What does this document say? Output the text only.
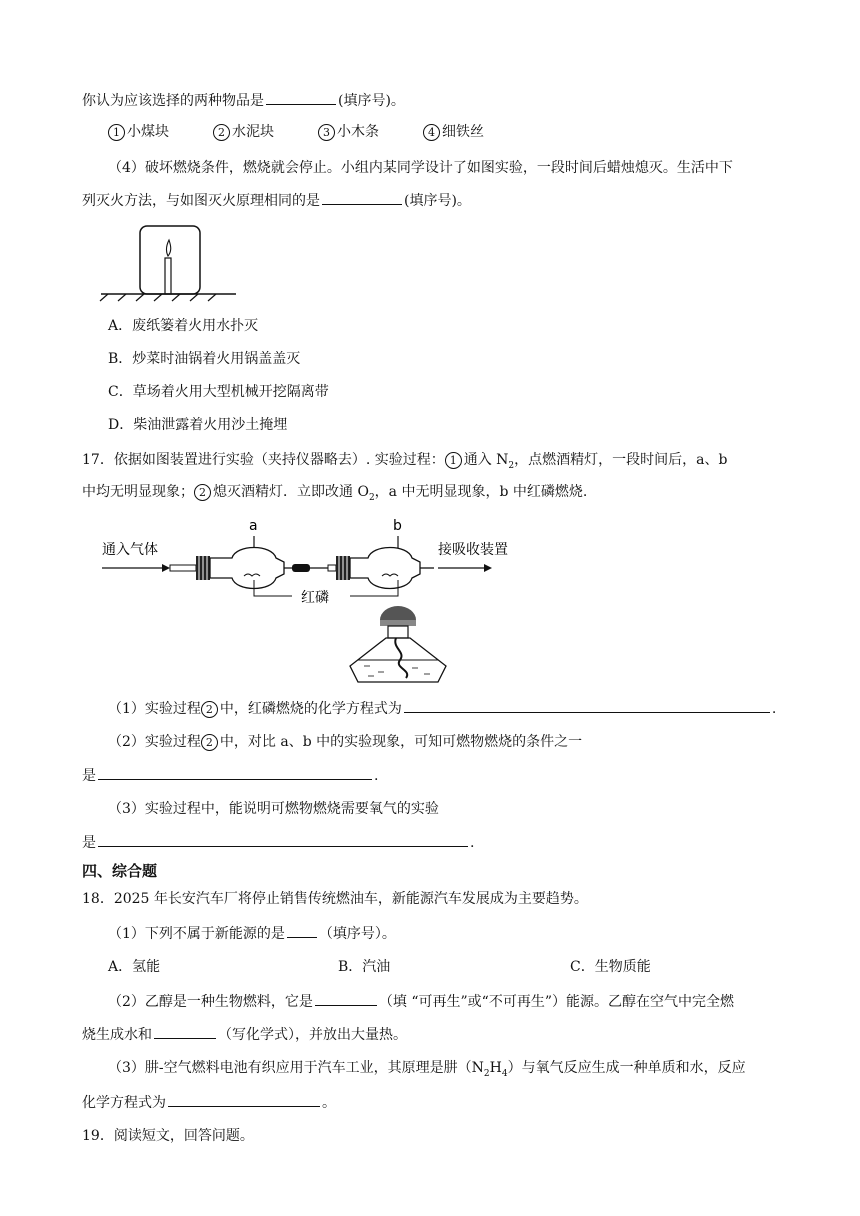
你认为应该选择的两种物品是	(填序号)。
1 小煤块	2 水泥块	3 小木条	4 细铁丝
（4）破坏燃烧条件，燃烧就会停止。小组内某同学设计了如图实验，一段时间后蜡烛熄灭。生活中下
列灭火方法，与如图灭火原理相同的是	(填序号)。
A．废纸篓着火用水扑灭
B．炒菜时油锅着火用锅盖盖灭
C．草场着火用大型机械开挖隔离带
D．柴油泄露着火用沙土掩埋
17．依据如图装置进行实验（夹持仪器略去）. 实验过程： 1 通入 $N_2$，点燃酒精灯，一段时间后，a、b
中均无明显现象； 2 熄灭酒精灯．立即改通 $O_2$，a 中无明显现象，b 中红磷燃烧.
通入气体
a	b
接吸收装置
红磷
（1）实验过程 2 中，红磷燃烧的化学方程式为	.
（2）实验过程 2 中，对比 a、b 中的实验现象，可知可燃物燃烧的条件之一
是	.
（3）实验过程中，能说明可燃物燃烧需要氧气的实验
是	.
四、综合题
18．2025 年长安汽车厂将停止销售传统燃油车，新能源汽车发展成为主要趋势。
（1）下列不属于新能源的是 （填序号）。
A．氢能	B．汽油	C．生物质能
（2）乙醇是一种生物燃料，它是	（填 “可再生”或“不可再生”）能源。乙醇在空气中完全燃
烧生成水和	（写化学式），并放出大量热。
（3）肼-空气燃料电池有织应用于汽车工业，其原理是肼$(N_2H_4)$与氧气反应生成一种单质和水，反应
化学方程式为	。
19．阅读短文，回答问题。
